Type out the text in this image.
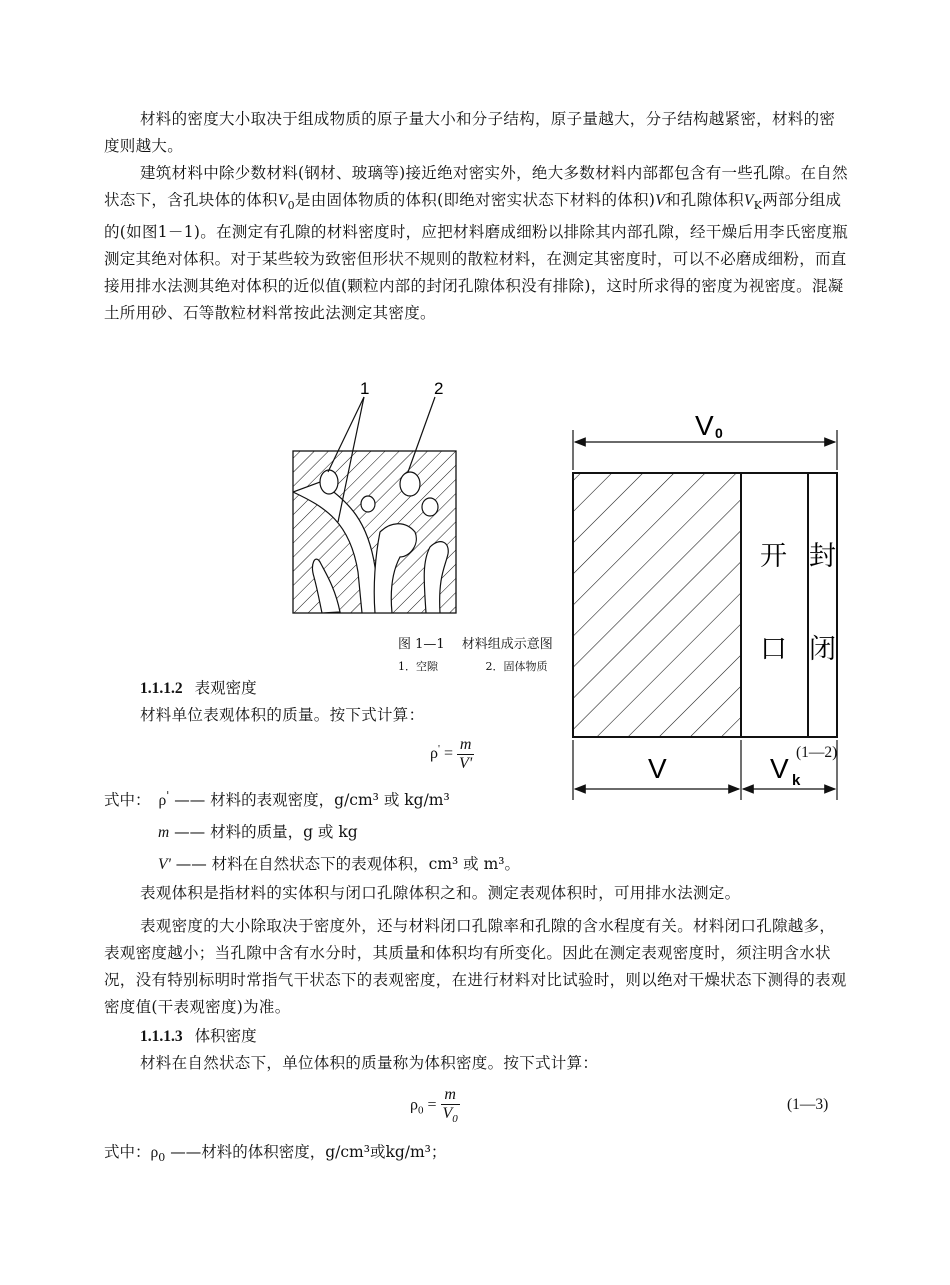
材料的密度大小取决于组成物质的原子量大小和分子结构，原子量越大，分子结构越紧密，材料的密度则越大。

建筑材料中除少数材料(钢材、玻璃等)接近绝对密实外，绝大多数材料内部都包含有一些孔隙。在自然状态下，含孔块体的体积$V_0$是由固体物质的体积(即绝对密实状态下材料的体积)V和孔隙体积$V_K$两部分组成的(如图1－1)。在测定有孔隙的材料密度时，应把材料磨成细粉以排除其内部孔隙，经干燥后用李氏密度瓶测定其绝对体积。对于某些较为致密但形状不规则的散粒材料，在测定其密度时，可以不必磨成细粉，而直接用排水法测其绝对体积的近似值(颗粒内部的封闭孔隙体积没有排除)，这时所求得的密度为视密度。混凝土所用砂、石等散粒材料常按此法测定其密度。

1	2
图 1—1　 材料组成示意图
1．空隙　　　　 2．固体物质
V 0
开
口
封
闭
V	V k
1.1.1.2 表观密度

材料单位表观体积的质量。按下式计算：

$\rho' = \frac{m}{V'}$	(1—2)
式中： ρ' —— 材料的表观密度，g/cm³ 或 kg/m³
m —— 材料的质量，g 或 kg
V' —— 材料在自然状态下的表观体积，cm³ 或 m³。

表观体积是指材料的实体积与闭口孔隙体积之和。测定表观体积时，可用排水法测定。

表观密度的大小除取决于密度外，还与材料闭口孔隙率和孔隙的含水程度有关。材料闭口孔隙越多，表观密度越小；当孔隙中含有水分时，其质量和体积均有所变化。因此在测定表观密度时，须注明含水状况，没有特别标明时常指气干状态下的表观密度，在进行材料对比试验时，则以绝对干燥状态下测得的表观密度值(干表观密度)为准。

1.1.1.3 体积密度

材料在自然状态下，单位体积的质量称为体积密度。按下式计算：

$\rho_0 = \frac{m}{V_0}$	(1—3)
式中：$\rho_0$ ——材料的体积密度，g/cm³或kg/m³；
